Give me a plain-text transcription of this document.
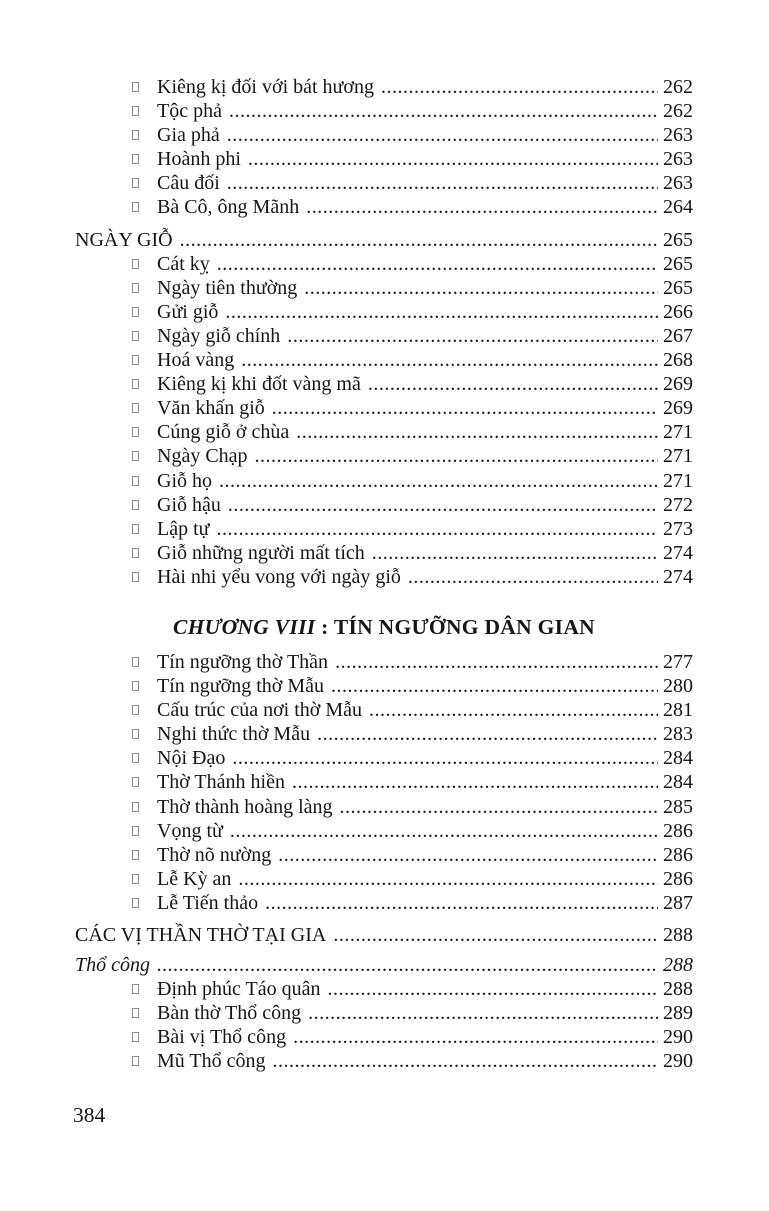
Kiêng kị đối với bát hương .....	262
Tộc phả .....	262
Gia phả .....	263
Hoành phi .....	263
Câu đối .....	263
Bà Cô, ông Mãnh .....	264
NGÀY GIỖ .....	265
Cát kỵ .....	265
Ngày tiên thường .....	265
Gửi giỗ .....	266
Ngày giỗ chính .....	267
Hoá vàng .....	268
Kiêng kị khi đốt vàng mã .....	269
Văn khấn giỗ .....	269
Cúng giỗ ở chùa .....	271
Ngày Chạp .....	271
Giỗ họ .....	271
Giỗ hậu .....	272
Lập tự .....	273
Giỗ những người mất tích .....	274
Hài nhi yểu vong với ngày giỗ .....	274
CHƯƠNG VIII : TÍN NGƯỠNG DÂN GIAN
Tín ngưỡng thờ Thần .....	277
Tín ngưỡng thờ Mẫu .....	280
Cấu trúc của nơi thờ Mẫu .....	281
Nghi thức thờ Mẫu .....	283
Nội Đạo .....	284
Thờ Thánh hiền .....	284
Thờ thành hoàng làng .....	285
Vọng từ .....	286
Thờ nõ nường .....	286
Lễ Kỳ an .....	286
Lễ Tiến thảo .....	287
CÁC VỊ THẦN THỜ TẠI GIA .....	288
Thổ công .....	288
Định phúc Táo quân .....	288
Bàn thờ Thổ công .....	289
Bài vị Thổ công .....	290
Mũ Thổ công .....	290
384
